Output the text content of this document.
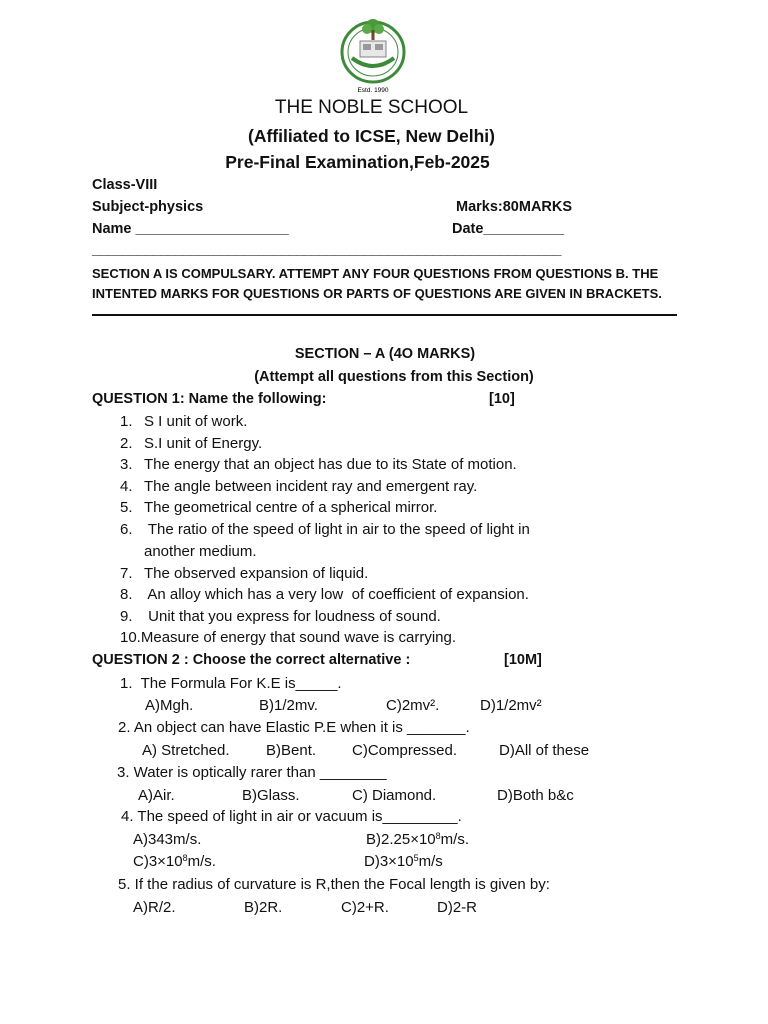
Estd. 1990
THE NOBLE SCHOOL
(Affiliated to ICSE, New Delhi)
Pre-Final Examination,Feb-2025
Class-VIII
Subject-physics	Marks:80MARKS
Name ___________________	Date__________
______________________________________________________________
SECTION A IS COMPULSARY. ATTEMPT ANY FOUR QUESTIONS FROM QUESTIONS B. THE
INTENTED MARKS FOR QUESTIONS OR PARTS OF QUESTIONS ARE GIVEN IN BRACKETS.
SECTION – A (4O MARKS)
(Attempt all questions from this Section)
QUESTION 1: Name the following:	[10]
1. S I unit of work.
2. S.I unit of Energy.
3. The energy that an object has due to its State of motion.
4. The angle between incident ray and emergent ray.
5. The geometrical centre of a spherical mirror.
6. The ratio of the speed of light in air to the speed of light in
another medium.
7. The observed expansion of liquid.
8. An alloy which has a very low  of coefficient of expansion.
9. Unit that you express for loudness of sound.
10.Measure of energy that sound wave is carrying.
QUESTION 2 : Choose the correct alternative :	[10M]
1.  The Formula For K.E is_____.
A)Mgh.	B)1/2mv.	C)2mv².	D)1/2mv²
2. An object can have Elastic P.E when it is _______.
A) Stretched. B)Bent. C)Compressed.	D)All of these
3. Water is optically rarer than ________
A)Air.	B)Glass.	C) Diamond.	D)Both b&c
4. The speed of light in air or vacuum is_________.
A)343m/s.	$B)2.25\times 10^8m/s$.
$C)3\times 10^8m/s$.	$D)3\times 10^5m/s$
5. If the radius of curvature is R,then the Focal length is given by:
A)R/2.	B)2R.	C)2+R.	D)2-R
